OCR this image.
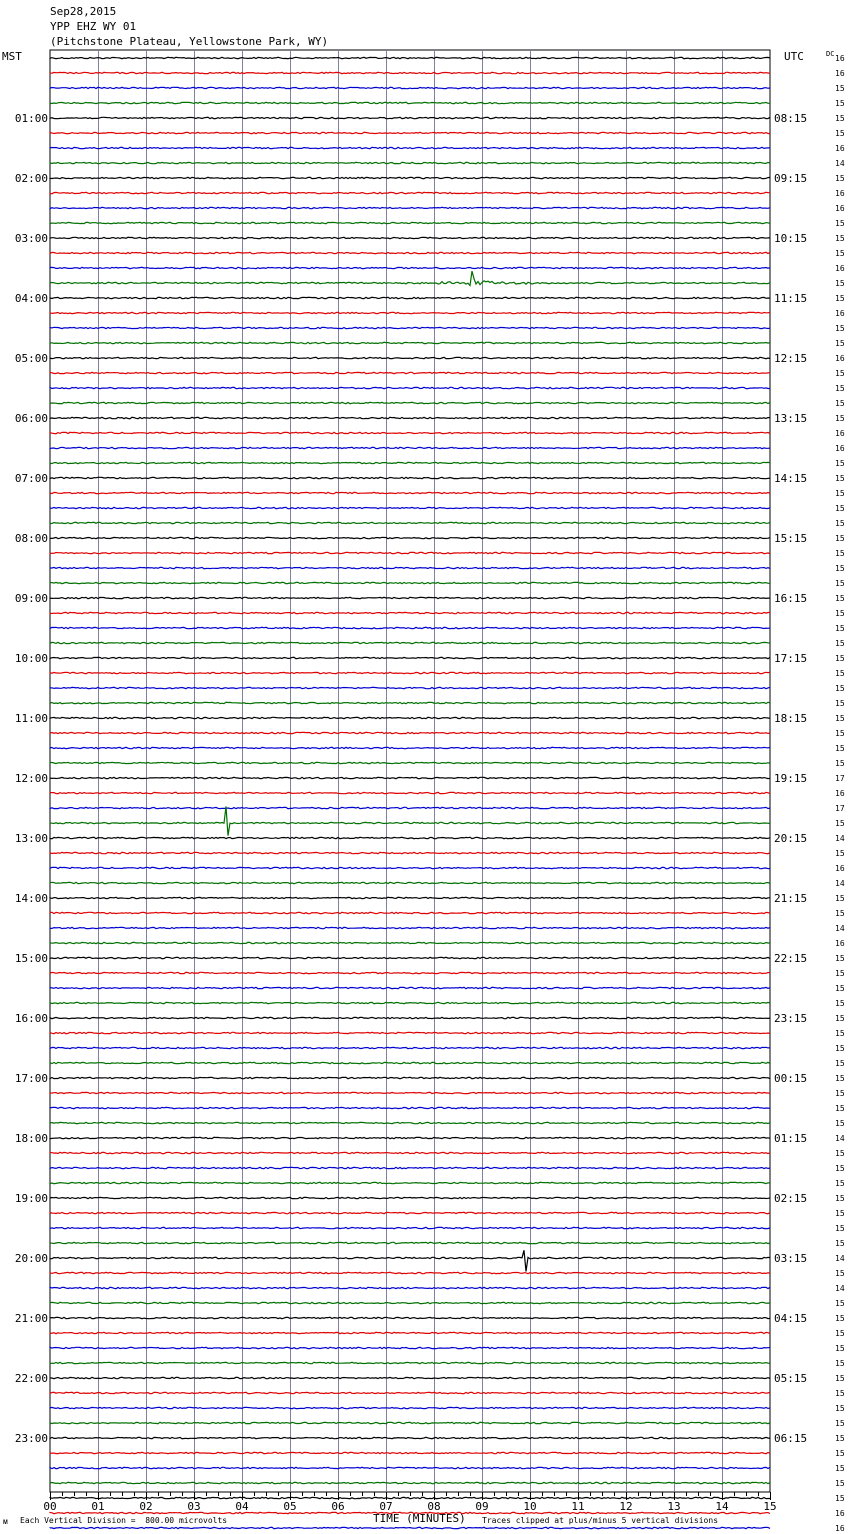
Sep28,2015
YPP EHZ WY 01
(Pitchstone Plateau, Yellowstone Park, WY)
MST	UTC	16
16
15
15
15
15
16
14
15
16
16
15
15
15
16
15
15
16
15
15
16
15
15
15
15
16
16
15
15
15
15
15
15
15
15
15
15
15
15
15
15
15
15
15
15
15
15
15
17
16
17
15
14
15
16
14
15
15
14
16
15
15
15
15
15
15
15
15
15
15
15
15
14
15
15
15
15
15
15
15
14
15
14
15
15
15
15
15
15
15
15
15
15
15
15
15
15
16
16
DC
01:00
02:00
03:00
04:00
05:00
06:00
07:00
08:00
09:00
10:00
11:00
12:00
13:00
14:00
15:00
16:00
17:00
18:00
19:00
20:00
21:00
22:00
23:00
08:15
09:15
10:15
11:15
12:15
13:15
14:15
15:15
16:15
17:15
18:15
19:15
20:15
21:15
22:15
23:15
00:15
01:15
02:15
03:15
04:15
05:15
06:15
00	01	02	03	04	05	06	07	08	09	10	11	12	13	14	15
ᴍ Each Vertical Division =  800.00 microvolts	TIME (MINUTES) Traces clipped at plus/minus 5 vertical divisions
